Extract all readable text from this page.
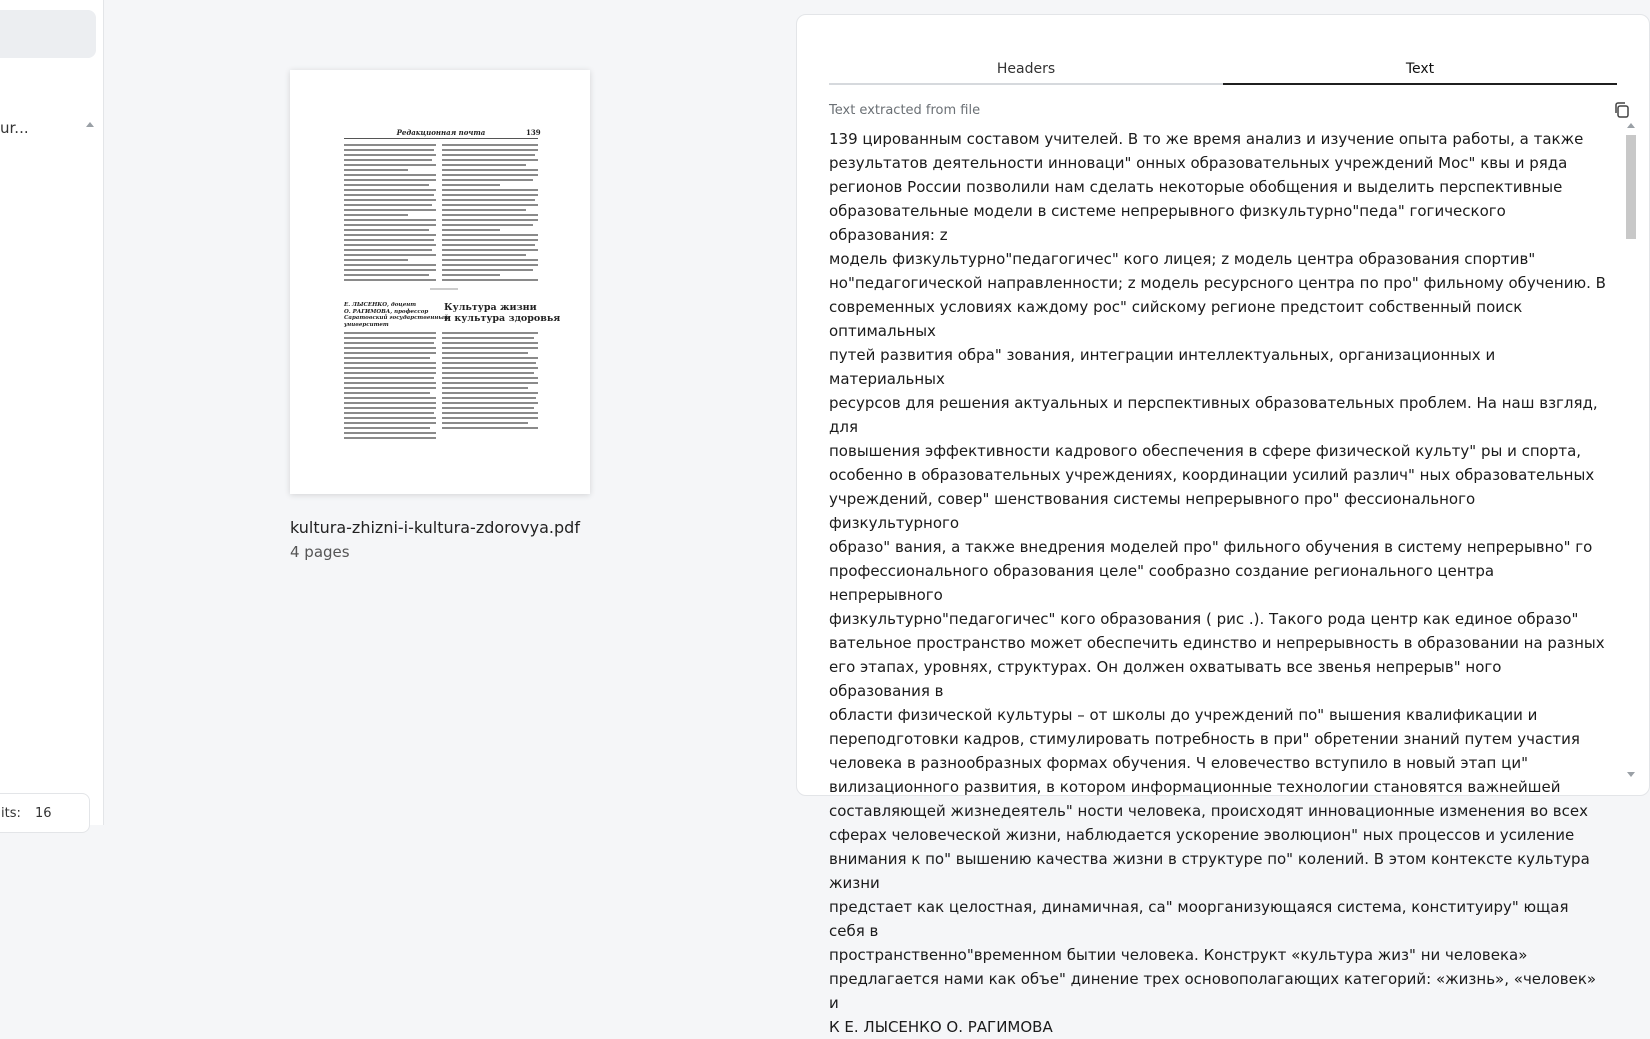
ur...
its: 16
Редакционная почта	139
Е. ЛЫСЕНКО, доцент
О. РАГИМОВА, профессор
Саратовский государственный
университет
Культура жизни
и культура здоровья
kultura-zhizni-i-kultura-zdorovya.pdf
4 pages
Headers	Text
Text extracted from file
139 цированным составом учителей. В то же время анализ и изучение опыта работы, а также
результатов деятельности инноваци" онных образовательных учреждений Мос" квы и ряда
регионов России позволили нам сделать некоторые обобщения и выделить перспективные
образовательные модели в системе непрерывного физкультурно"педа" гогического образования: z
модель физкультурно"педагогичес" кого лицея; z модель центра образования спортив"
но"педагогической направленности; z модель ресурсного центра по про" фильному обучению. В
современных условиях каждому рос" сийскому регионе предстоит собственный поиск оптимальных
путей развития обра" зования, интеграции интеллектуальных, организационных и материальных
ресурсов для решения актуальных и перспективных образовательных проблем. На наш взгляд, для
повышения эффективности кадрового обеспечения в сфере физической культу" ры и спорта,
особенно в образовательных учреждениях, координации усилий различ" ных образовательных
учреждений, совер" шенствования системы непрерывного про" фессионального физкультурного
образо" вания, а также внедрения моделей про" фильного обучения в систему непрерывно" го
профессионального образования целе" сообразно создание регионального центра непрерывного
физкультурно"педагогичес" кого образования ( рис .). Такого рода центр как единое образо"
вательное пространство может обеспечить единство и непрерывность в образовании на разных
его этапах, уровнях, структурах. Он должен охватывать все звенья непрерыв" ного образования в
области физической культуры – от школы до учреждений по" вышения квалификации и
переподготовки кадров, стимулировать потребность в при" обретении знаний путем участия
человека в разнообразных формах обучения. Ч еловечество вступило в новый этап ци"
вилизационного развития, в котором информационные технологии становятся важнейшей
составляющей жизнедеятель" ности человека, происходят инновационные изменения во всех
сферах человеческой жизни, наблюдается ускорение эволюцион" ных процессов и усиление
внимания к по" вышению качества жизни в структуре по" колений. В этом контексте культура жизни
предстает как целостная, динамичная, са" моорганизующаяся система, конституиру" ющая себя в
пространственно"временном бытии человека. Конструкт «культура жиз" ни человека»
предлагается нами как объе" динение трех основополагающих категорий: «жизнь», «человек» и
К Е. ЛЫСЕНКО О. РАГИМОВА
